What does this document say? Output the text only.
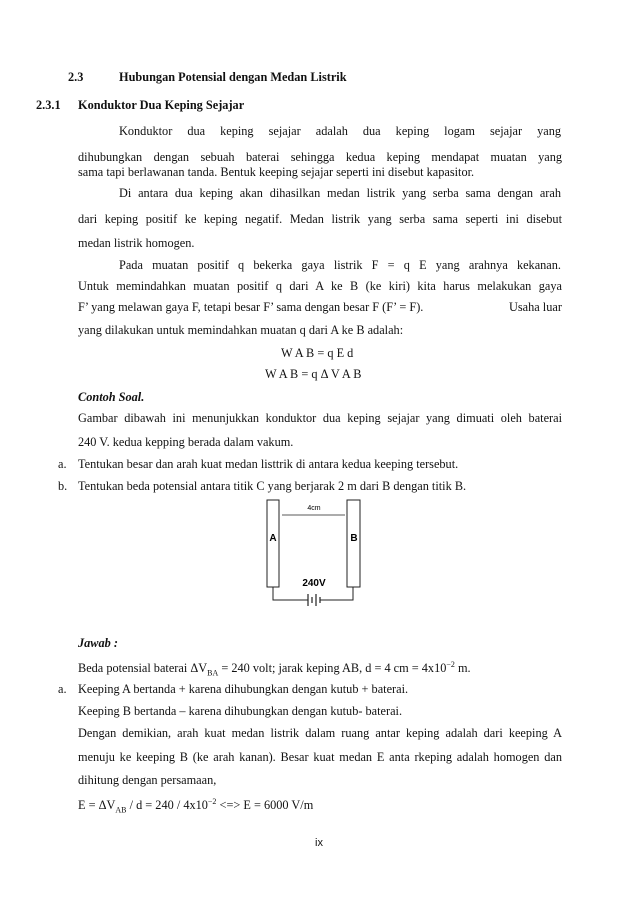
2.3	Hubungan Potensial dengan Medan Listrik
2.3.1 Konduktor Dua Keping Sejajar
Konduktor dua keping sejajar adalah dua keping logam sejajar yang
dihubungkan dengan sebuah baterai sehingga kedua keping mendapat muatan yang
sama tapi berlawanan tanda. Bentuk keeping sejajar seperti ini disebut kapasitor.
Di antara dua keping akan dihasilkan medan listrik yang serba sama dengan arah
dari keping positif ke keping negatif. Medan listrik yang serba sama seperti ini disebut
medan listrik homogen.
Pada muatan positif q bekerka gaya listrik F = q E yang arahnya kekanan.
Untuk memindahkan muatan positif q dari A ke B (ke kiri) kita harus melakukan gaya
F’ yang melawan gaya F, tetapi besar F’ sama dengan besar F (F’ = F).	Usaha luar
yang dilakukan untuk memindahkan muatan q dari A ke B adalah:
W A B = q E d
W A B = q Δ V A B
Contoh Soal.
Gambar dibawah ini menunjukkan konduktor dua keping sejajar yang dimuati oleh baterai
240 V. kedua kepping berada dalam vakum.
a. Tentukan besar dan arah kuat medan listtrik di antara kedua keeping tersebut.
b. Tentukan beda potensial antara titik C yang berjarak 2 m dari B dengan titik B.
4cm
A	B
240V
Jawab :
Beda potensial baterai $\Delta V_{BA} = 240$ volt; jarak keping AB, d = 4 cm = $4x10^{-2}$ m.
a. Keeping A bertanda + karena dihubungkan dengan kutub + baterai.
Keeping B bertanda – karena dihubungkan dengan kutub- baterai.
Dengan demikian, arah kuat medan listrik dalam ruang antar keping adalah dari keeping A
menuju ke keeping B (ke arah kanan). Besar kuat medan E anta rkeping adalah homogen dan
dihitung dengan persamaan,
$E = \Delta V_{AB} / d = 240 / 4x10^{-2}$ <=> E = 6000 V/m
ix
